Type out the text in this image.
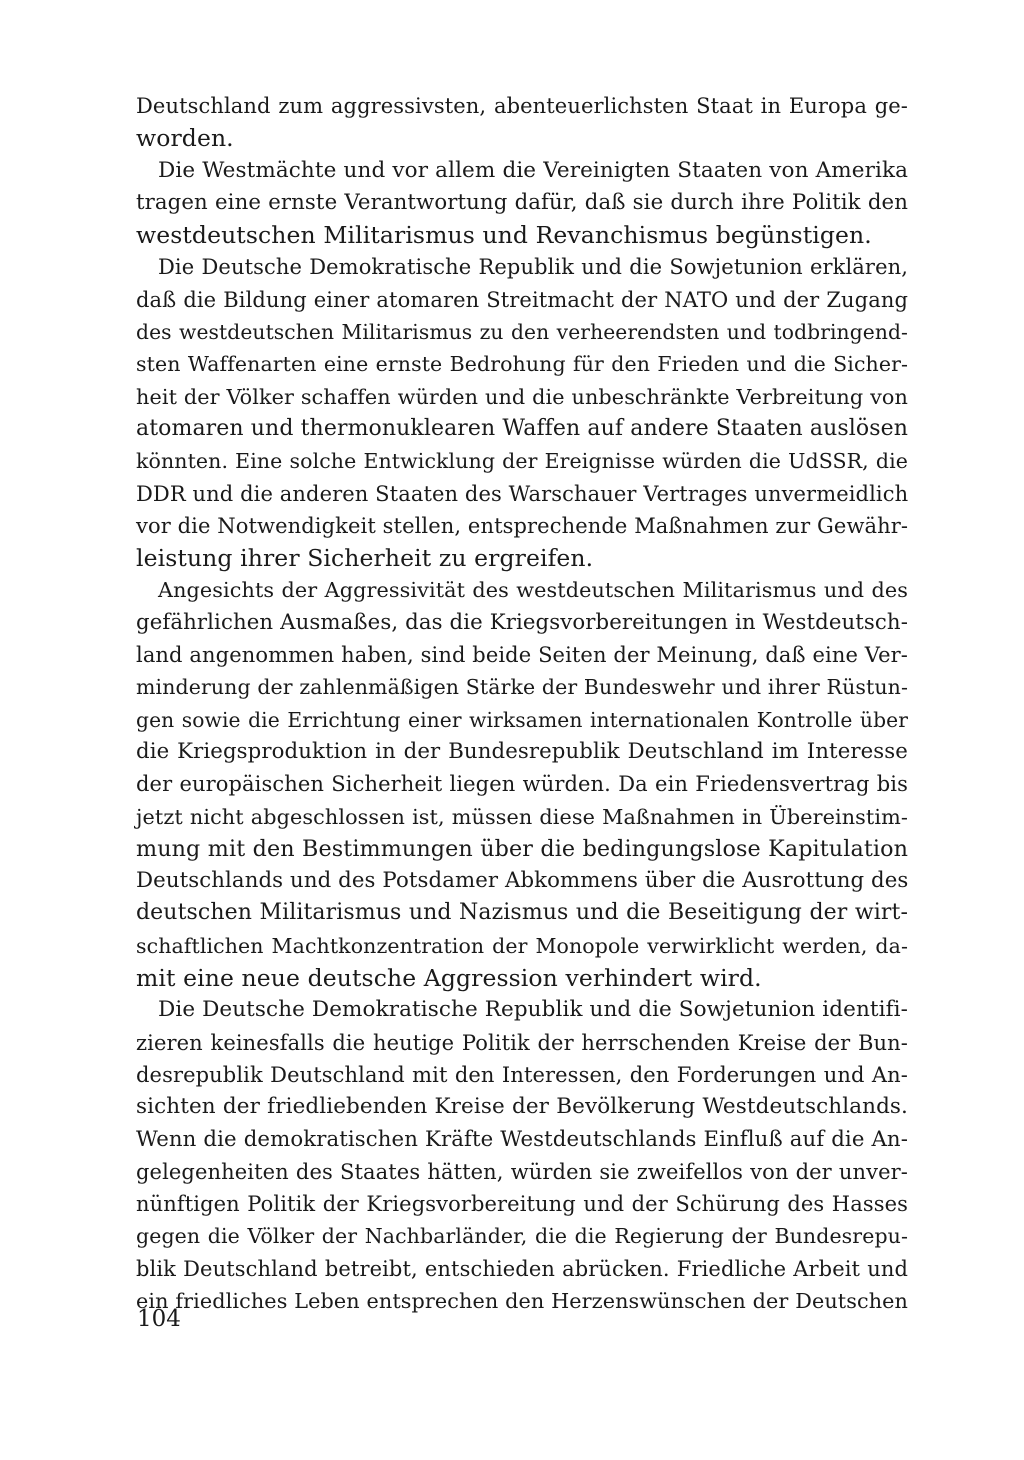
Deutschland zum aggressivsten, abenteuerlichsten Staat in Europa ge-
worden.
Die Westmächte und vor allem die Vereinigten Staaten von Amerika
tragen eine ernste Verantwortung dafür, daß sie durch ihre Politik den
westdeutschen Militarismus und Revanchismus begünstigen.
Die Deutsche Demokratische Republik und die Sowjetunion erklären,
daß die Bildung einer atomaren Streitmacht der NATO und der Zugang
des westdeutschen Militarismus zu den verheerendsten und todbringend-
sten Waffenarten eine ernste Bedrohung für den Frieden und die Sicher-
heit der Völker schaffen würden und die unbeschränkte Verbreitung von
atomaren und thermonuklearen Waffen auf andere Staaten auslösen
könnten. Eine solche Entwicklung der Ereignisse würden die UdSSR, die
DDR und die anderen Staaten des Warschauer Vertrages unvermeidlich
vor die Notwendigkeit stellen, entsprechende Maßnahmen zur Gewähr-
leistung ihrer Sicherheit zu ergreifen.
Angesichts der Aggressivität des westdeutschen Militarismus und des
gefährlichen Ausmaßes, das die Kriegsvorbereitungen in Westdeutsch-
land angenommen haben, sind beide Seiten der Meinung, daß eine Ver-
minderung der zahlenmäßigen Stärke der Bundeswehr und ihrer Rüstun-
gen sowie die Errichtung einer wirksamen internationalen Kontrolle über
die Kriegsproduktion in der Bundesrepublik Deutschland im Interesse
der europäischen Sicherheit liegen würden. Da ein Friedensvertrag bis
jetzt nicht abgeschlossen ist, müssen diese Maßnahmen in Übereinstim-
mung mit den Bestimmungen über die bedingungslose Kapitulation
Deutschlands und des Potsdamer Abkommens über die Ausrottung des
deutschen Militarismus und Nazismus und die Beseitigung der wirt-
schaftlichen Machtkonzentration der Monopole verwirklicht werden, da-
mit eine neue deutsche Aggression verhindert wird.
Die Deutsche Demokratische Republik und die Sowjetunion identifi-
zieren keinesfalls die heutige Politik der herrschenden Kreise der Bun-
desrepublik Deutschland mit den Interessen, den Forderungen und An-
sichten der friedliebenden Kreise der Bevölkerung Westdeutschlands.
Wenn die demokratischen Kräfte Westdeutschlands Einfluß auf die An-
gelegenheiten des Staates hätten, würden sie zweifellos von der unver-
nünftigen Politik der Kriegsvorbereitung und der Schürung des Hasses
gegen die Völker der Nachbarländer, die die Regierung der Bundesrepu-
blik Deutschland betreibt, entschieden abrücken. Friedliche Arbeit und
ein friedliches Leben entsprechen den Herzenswünschen der Deutschen
104
